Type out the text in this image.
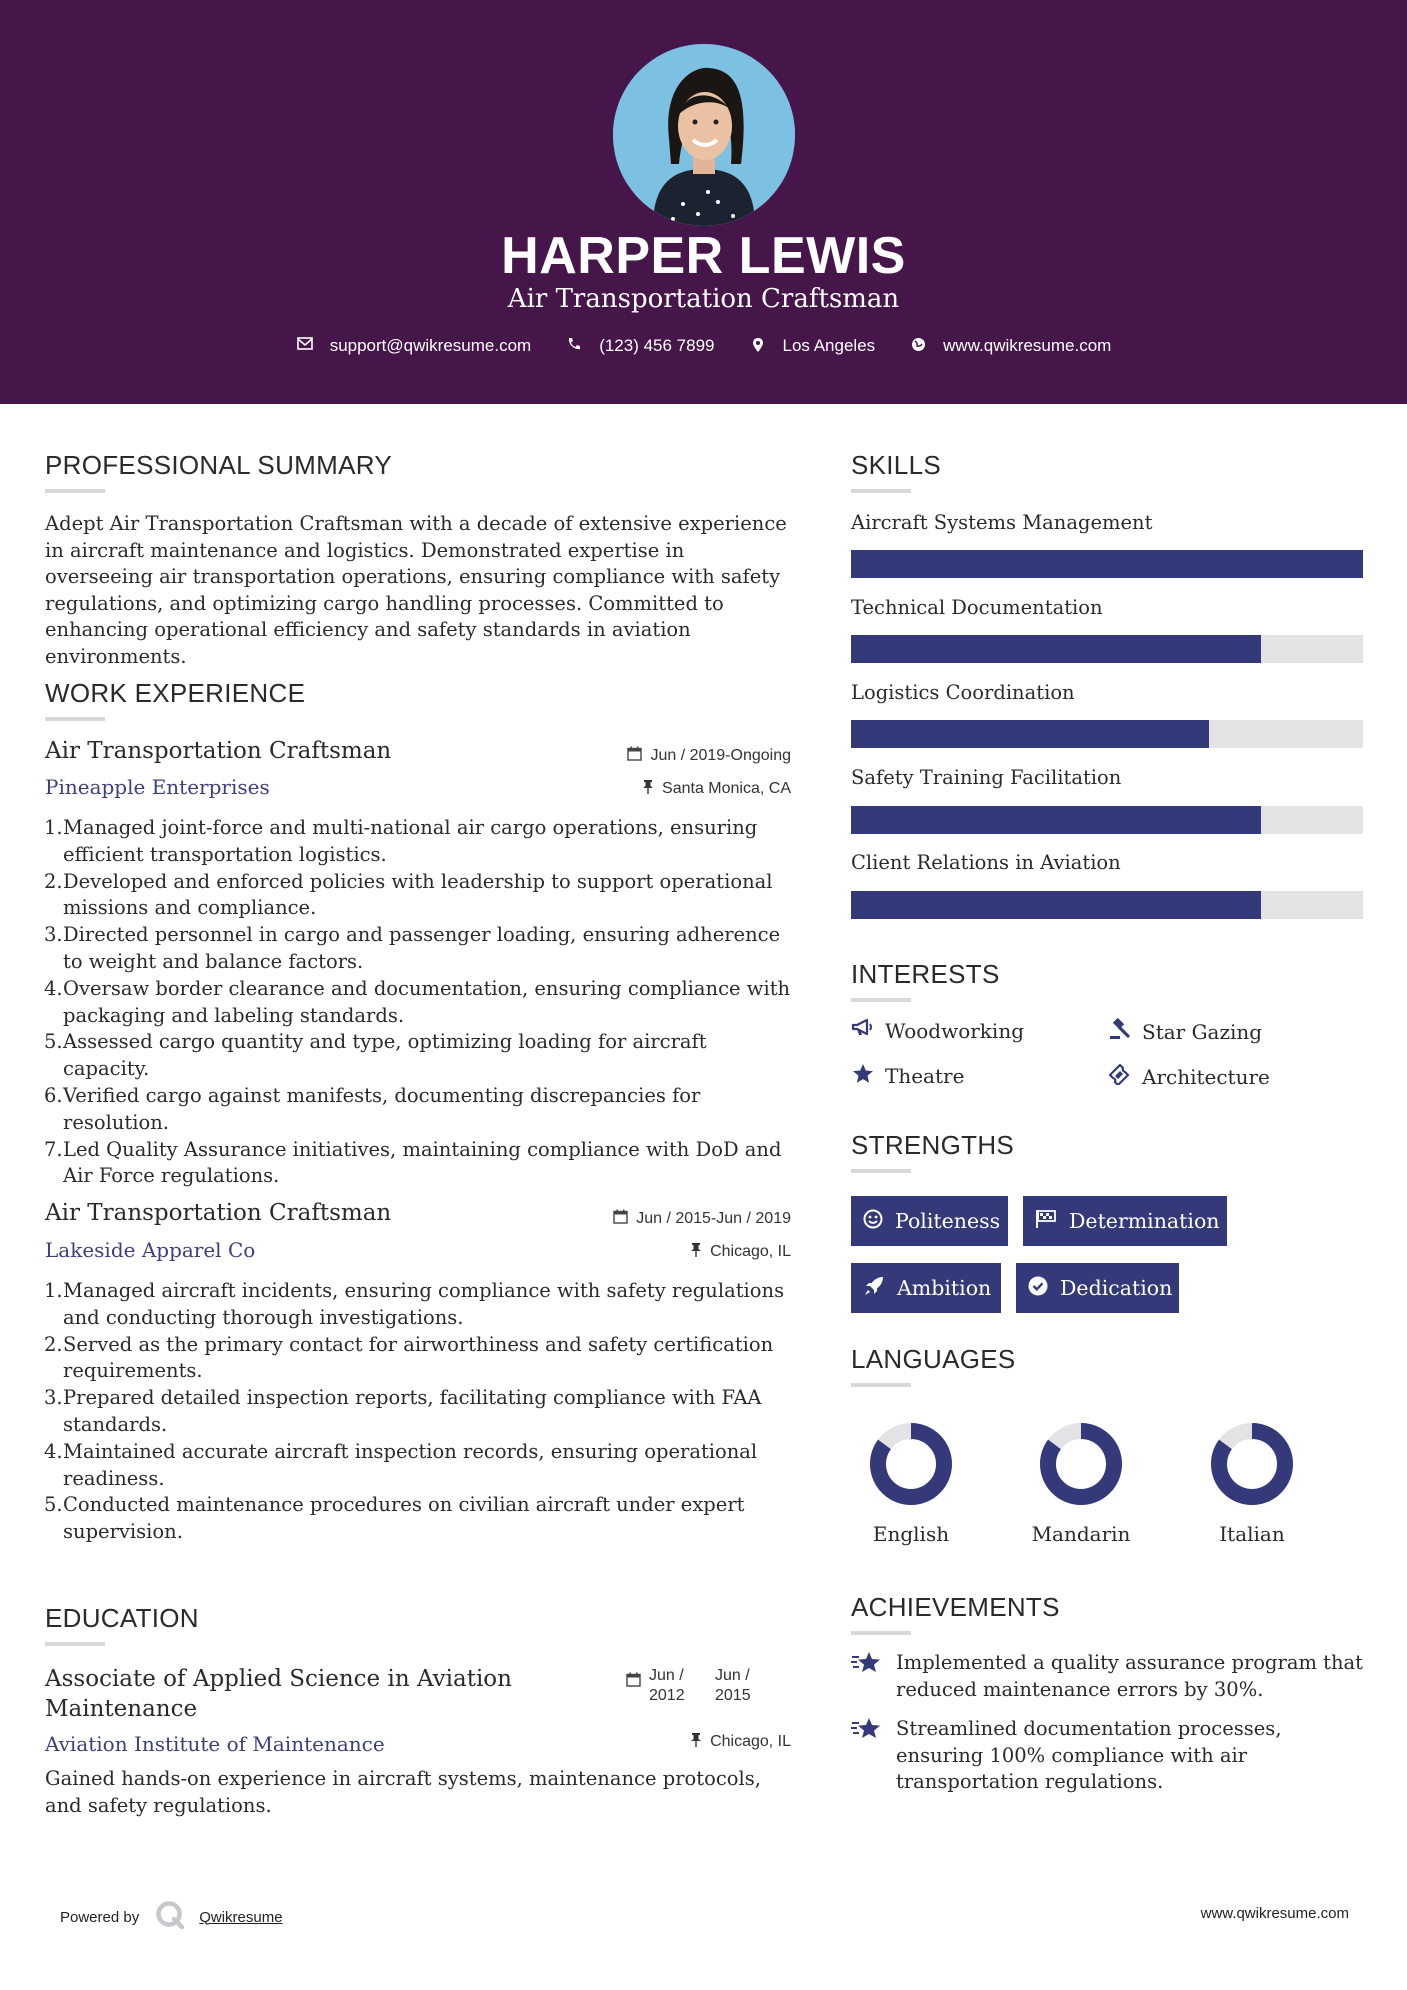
HARPER LEWIS
Air Transportation Craftsman
support@qwikresume.com	(123) 456 7899	Los Angeles	www.qwikresume.com
PROFESSIONAL SUMMARY
Adept Air Transportation Craftsman with a decade of extensive experience in aircraft maintenance and logistics. Demonstrated expertise in overseeing air transportation operations, ensuring compliance with safety regulations, and optimizing cargo handling processes. Committed to enhancing operational efficiency and safety standards in aviation environments.
WORK EXPERIENCE
Air Transportation Craftsman	Jun / 2019-Ongoing
Pineapple Enterprises	Santa Monica, CA
1. Managed joint-force and multi-national air cargo operations, ensuring efficient transportation logistics.
2. Developed and enforced policies with leadership to support operational missions and compliance.
3. Directed personnel in cargo and passenger loading, ensuring adherence to weight and balance factors.
4. Oversaw border clearance and documentation, ensuring compliance with packaging and labeling standards.
5. Assessed cargo quantity and type, optimizing loading for aircraft capacity.
6. Verified cargo against manifests, documenting discrepancies for resolution.
7. Led Quality Assurance initiatives, maintaining compliance with DoD and Air Force regulations.
Air Transportation Craftsman	Jun / 2015-Jun / 2019
Lakeside Apparel Co	Chicago, IL
1. Managed aircraft incidents, ensuring compliance with safety regulations and conducting thorough investigations.
2. Served as the primary contact for airworthiness and safety certification requirements.
3. Prepared detailed inspection reports, facilitating compliance with FAA standards.
4. Maintained accurate aircraft inspection records, ensuring operational readiness.
5. Conducted maintenance procedures on civilian aircraft under expert supervision.
EDUCATION
Associate of Applied Science in Aviation Maintenance
Jun /
2012
Jun /
2015
Aviation Institute of Maintenance	Chicago, IL
Gained hands-on experience in aircraft systems, maintenance protocols, and safety regulations.
SKILLS
Aircraft Systems Management
Technical Documentation
Logistics Coordination
Safety Training Facilitation
Client Relations in Aviation
INTERESTS
Woodworking	Star Gazing
Theatre	Architecture
STRENGTHS
Politeness	Determination
Ambition	Dedication
LANGUAGES
English	Mandarin	Italian
ACHIEVEMENTS
Implemented a quality assurance program that reduced maintenance errors by 30%.
Streamlined documentation processes, ensuring 100% compliance with air transportation regulations.
Powered by	Qwikresume	www.qwikresume.com
